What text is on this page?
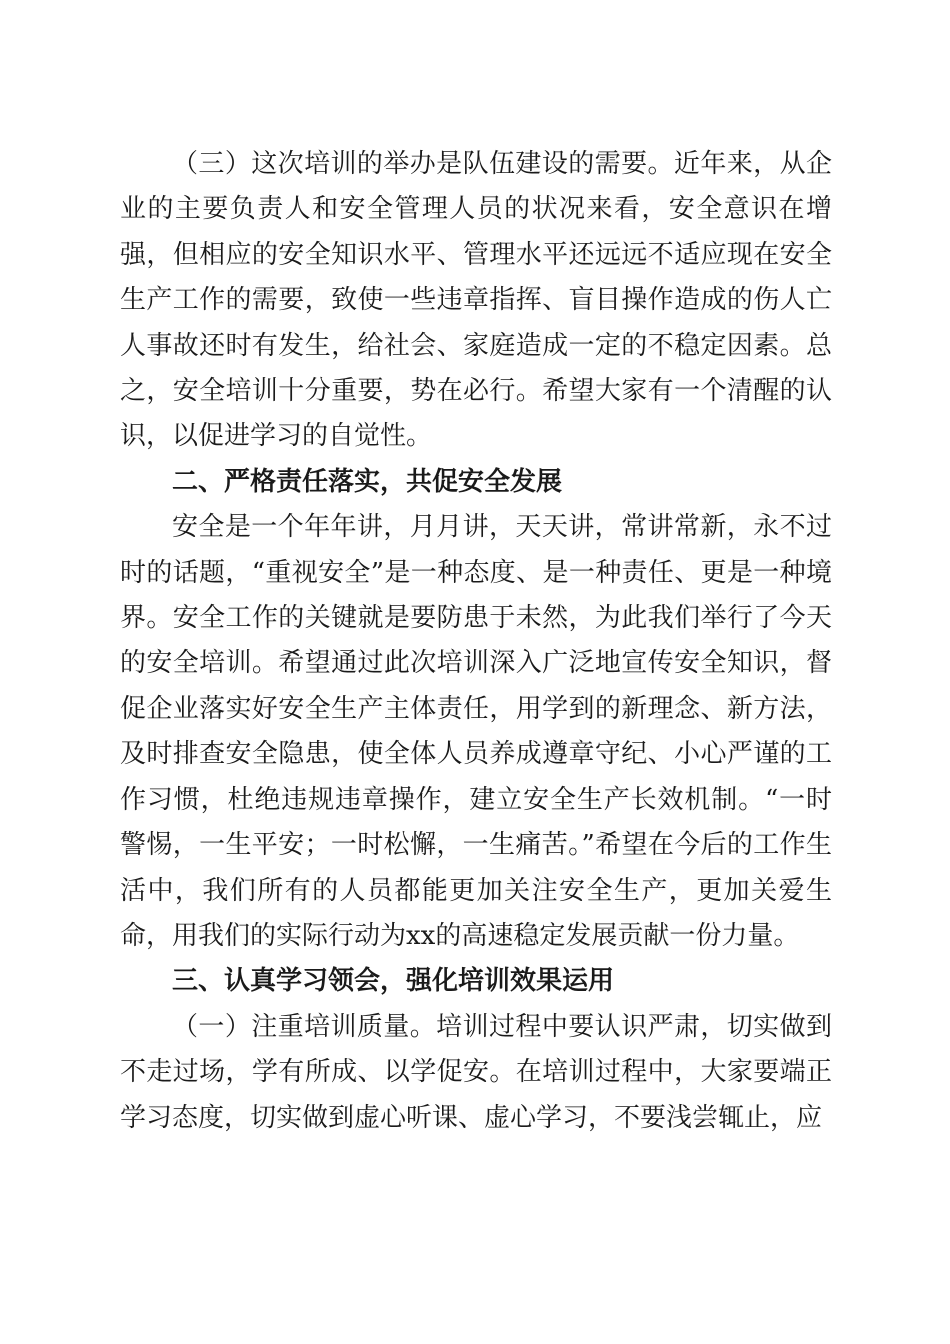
（三）这次培训的举办是队伍建设的需要。近年来，从企业的主要负责人和安全管理人员的状况来看，安全意识在增强，但相应的安全知识水平、管理水平还远远不适应现在安全生产工作的需要，致使一些违章指挥、盲目操作造成的伤人亡人事故还时有发生，给社会、家庭造成一定的不稳定因素。总之，安全培训十分重要，势在必行。希望大家有一个清醒的认识，以促进学习的自觉性。

二、严格责任落实，共促安全发展

安全是一个年年讲，月月讲，天天讲，常讲常新，永不过时的话题，“重视安全”是一种态度、是一种责任、更是一种境界。安全工作的关键就是要防患于未然，为此我们举行了今天的安全培训。希望通过此次培训深入广泛地宣传安全知识，督促企业落实好安全生产主体责任，用学到的新理念、新方法，及时排查安全隐患，使全体人员养成遵章守纪、小心严谨的工作习惯，杜绝违规违章操作，建立安全生产长效机制。“一时警惕，一生平安；一时松懈，一生痛苦。”希望在今后的工作生活中，我们所有的人员都能更加关注安全生产，更加关爱生命，用我们的实际行动为xx的高速稳定发展贡献一份力量。

三、认真学习领会，强化培训效果运用

（一）注重培训质量。培训过程中要认识严肃，切实做到不走过场，学有所成、以学促安。在培训过程中，大家要端正学习态度，切实做到虚心听课、虚心学习，不要浅尝辄止，应
